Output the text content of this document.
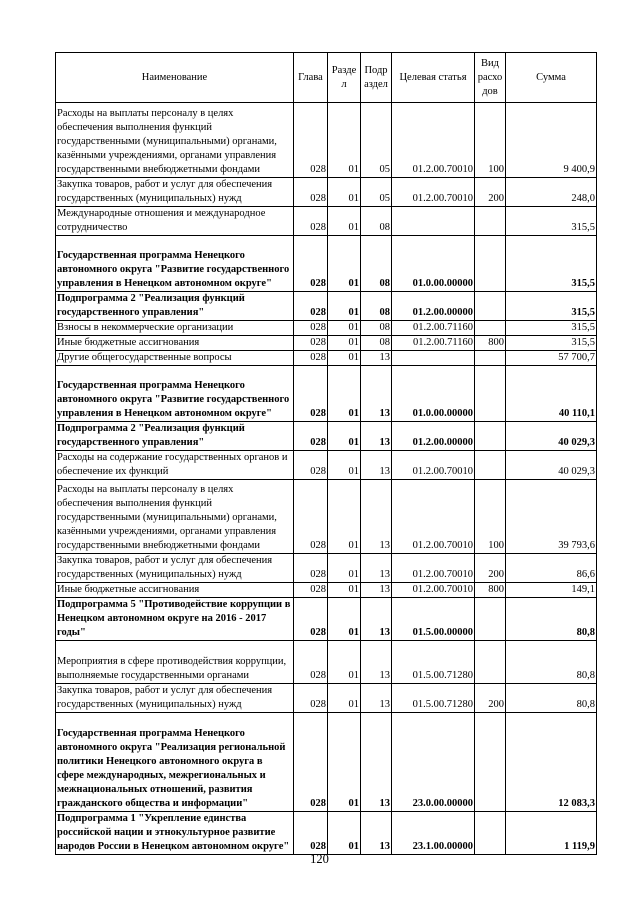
Наименование	Глава	Разде л	Подр аздел	Целевая статья	Вид расхо дов	Сумма
Расходы на выплаты персоналу в целях обеспечения выполнения функций государственными (муниципальными) органами, казёнными учреждениями, органами управления государственными внебюджетными фондами	028	01	05	01.2.00.70010	100	9 400,9
Закупка товаров, работ и услуг для обеспечения государственных (муниципальных) нужд	028	01	05	01.2.00.70010	200	248,0
Международные отношения и международное сотрудничество	028	01	08			315,5
Государственная программа Ненецкого автономного округа "Развитие государственного управления в Ненецком автономном округе"	028	01	08	01.0.00.00000		315,5
Подпрограмма 2 "Реализация функций государственного управления"	028	01	08	01.2.00.00000		315,5
Взносы в некоммерческие организации	028	01	08	01.2.00.71160		315,5
Иные бюджетные ассигнования	028	01	08	01.2.00.71160	800	315,5
Другие общегосударственные вопросы	028	01	13			57 700,7
Государственная программа Ненецкого автономного округа "Развитие государственного управления в Ненецком автономном округе"	028	01	13	01.0.00.00000		40 110,1
Подпрограмма 2 "Реализация функций государственного управления"	028	01	13	01.2.00.00000		40 029,3
Расходы на содержание государственных органов и обеспечение их функций	028	01	13	01.2.00.70010		40 029,3
Расходы на выплаты персоналу в целях обеспечения выполнения функций государственными (муниципальными) органами, казёнными учреждениями, органами управления государственными внебюджетными фондами	028	01	13	01.2.00.70010	100	39 793,6
Закупка товаров, работ и услуг для обеспечения государственных (муниципальных) нужд	028	01	13	01.2.00.70010	200	86,6
Иные бюджетные ассигнования	028	01	13	01.2.00.70010	800	149,1
Подпрограмма 5 "Противодействие коррупции в Ненецком автономном округе на 2016 - 2017 годы"	028	01	13	01.5.00.00000		80,8
Мероприятия в сфере противодействия коррупции, выполняемые государственными органами	028	01	13	01.5.00.71280		80,8
Закупка товаров, работ и услуг для обеспечения государственных (муниципальных) нужд	028	01	13	01.5.00.71280	200	80,8
Государственная программа Ненецкого автономного округа "Реализация региональной политики Ненецкого автономного округа в сфере международных, межрегиональных и межнациональных отношений, развития гражданского общества и информации"	028	01	13	23.0.00.00000		12 083,3
Подпрограмма 1 "Укрепление единства российской нации и этнокультурное развитие народов России в Ненецком автономном округе"	028	01	13	23.1.00.00000		1 119,9
120
